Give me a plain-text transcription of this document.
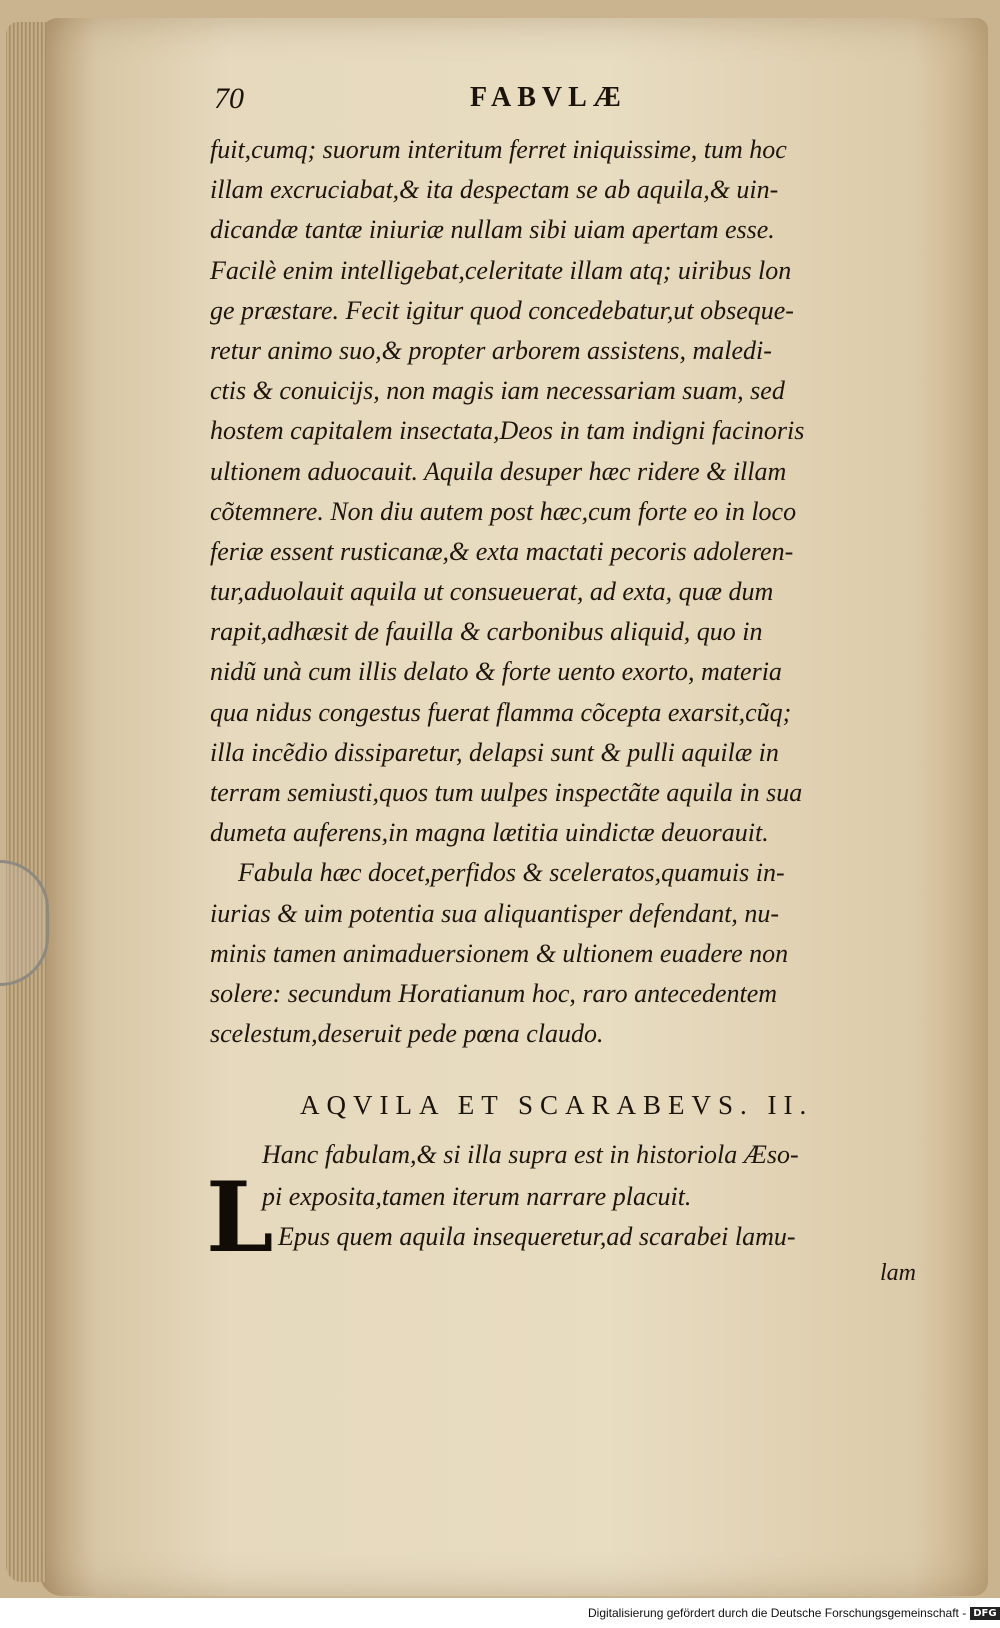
70	FABVLÆ
fuit,cumq; suorum interitum ferret iniquissime, tum hoc
illam excruciabat,& ita despectam se ab aquila,& uin-
dicandæ tantæ iniuriæ nullam sibi uiam apertam esse.
Facilè enim intelligebat,celeritate illam atq; uiribus lon
ge præstare. Fecit igitur quod concedebatur,ut obseque-
retur animo suo,& propter arborem assistens, maledi-
ctis & conuicijs, non magis iam necessariam suam, sed
hostem capitalem insectata,Deos in tam indigni facinoris
ultionem aduocauit. Aquila desuper hæc ridere & illam
cõtemnere. Non diu autem post hæc,cum forte eo in loco
feriæ essent rusticanæ,& exta mactati pecoris adoleren-
tur,aduolauit aquila ut consueuerat, ad exta, quæ dum
rapit,adhæsit de fauilla & carbonibus aliquid, quo in
nidũ unà cum illis delato & forte uento exorto, materia
qua nidus congestus fuerat flamma cõcepta exarsit,cũq;
illa incẽdio dissiparetur, delapsi sunt & pulli aquilæ in
terram semiusti,quos tum uulpes inspectãte aquila in sua
dumeta auferens,in magna lætitia uindictæ deuorauit.
Fabula hæc docet,perfidos & sceleratos,quamuis in-
iurias & uim potentia sua aliquantisper defendant, nu-
minis tamen animaduersionem & ultionem euadere non
solere: secundum Horatianum hoc, raro antecedentem
scelestum,deseruit pede pœna claudo.
AQVILA ET SCARABEVS. II.
Hanc fabulam,& si illa supra est in historiola Æso-
pi exposita,tamen iterum narrare placuit.
L Epus quem aquila insequeretur,ad scarabei lamu-
lam
Digitalisierung gefördert durch die Deutsche Forschungsgemeinschaft - DFG
